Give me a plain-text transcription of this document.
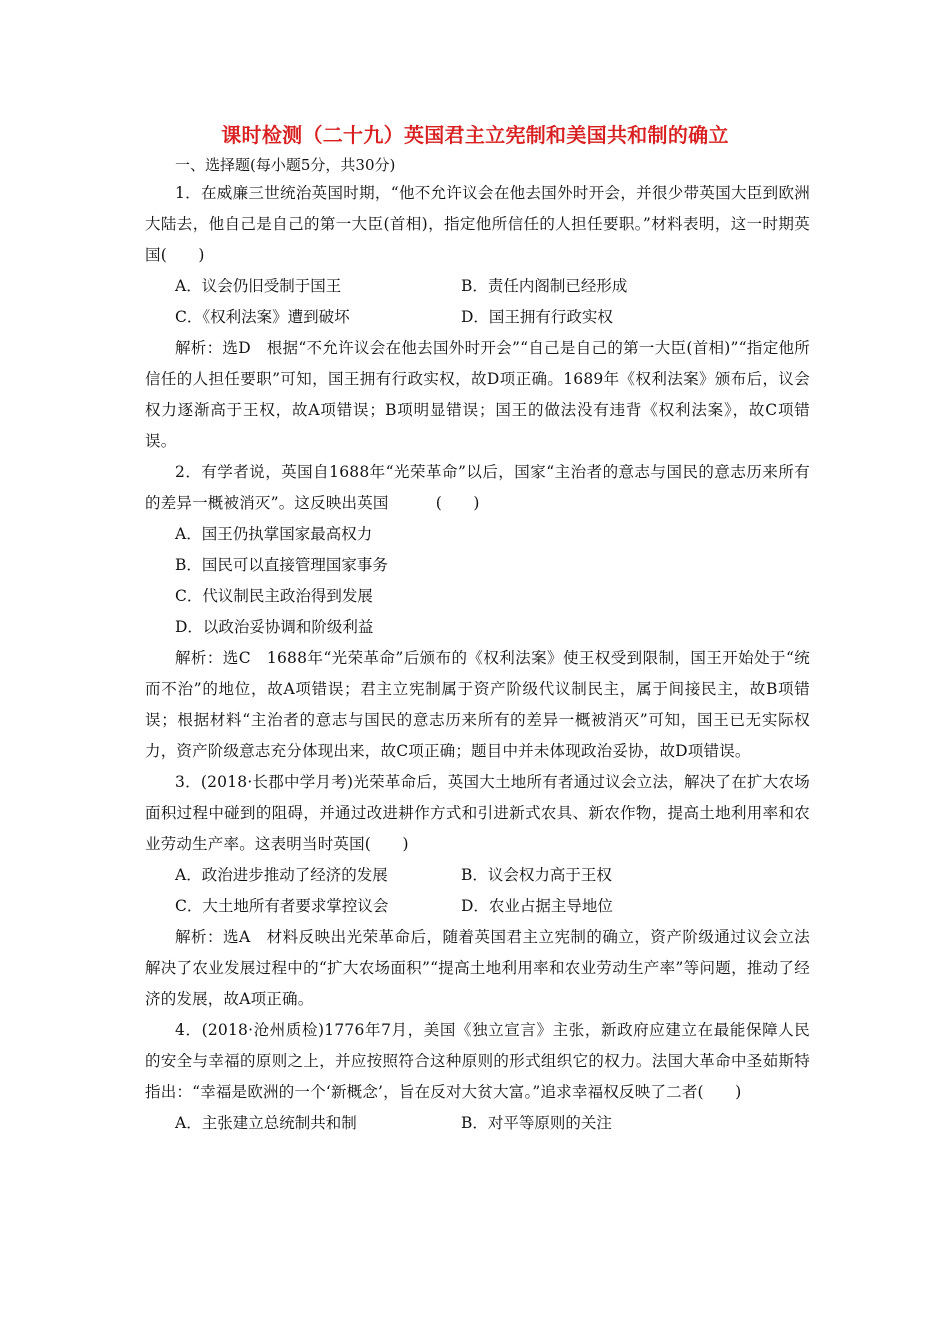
课时检测（二十九）英国君主立宪制和美国共和制的确立

一、选择题(每小题5分，共30分)

1．在威廉三世统治英国时期，“他不允许议会在他去国外时开会，并很少带英国大臣到欧洲大陆去，他自己是自己的第一大臣(首相)，指定他所信任的人担任要职。”材料表明，这一时期英国(　　)

A．议会仍旧受制于国王	B．责任内阁制已经形成
C．《权利法案》遭到破坏	D．国王拥有行政实权

解析：选D　根据“不允许议会在他去国外时开会”“自己是自己的第一大臣(首相)”“指定他所信任的人担任要职”可知，国王拥有行政实权，故D项正确。1689年《权利法案》颁布后，议会权力逐渐高于王权，故A项错误；B项明显错误；国王的做法没有违背《权利法案》，故C项错误。

2．有学者说，英国自1688年“光荣革命”以后，国家“主治者的意志与国民的意志历来所有的差异一概被消灭”。这反映出英国　　　(　　)

A．国王仍执掌国家最高权力
B．国民可以直接管理国家事务
C．代议制民主政治得到发展
D．以政治妥协调和阶级利益

解析：选C　1688年“光荣革命”后颁布的《权利法案》使王权受到限制，国王开始处于“统而不治”的地位，故A项错误；君主立宪制属于资产阶级代议制民主，属于间接民主，故B项错误；根据材料“主治者的意志与国民的意志历来所有的差异一概被消灭”可知，国王已无实际权力，资产阶级意志充分体现出来，故C项正确；题目中并未体现政治妥协，故D项错误。

3．(2018·长郡中学月考)光荣革命后，英国大土地所有者通过议会立法，解决了在扩大农场面积过程中碰到的阻碍，并通过改进耕作方式和引进新式农具、新农作物，提高土地利用率和农业劳动生产率。这表明当时英国(　　)

A．政治进步推动了经济的发展	B．议会权力高于王权
C．大土地所有者要求掌控议会	D．农业占据主导地位

解析：选A　材料反映出光荣革命后，随着英国君主立宪制的确立，资产阶级通过议会立法解决了农业发展过程中的“扩大农场面积”“提高土地利用率和农业劳动生产率”等问题，推动了经济的发展，故A项正确。

4．(2018·沧州质检)1776年7月，美国《独立宣言》主张，新政府应建立在最能保障人民的安全与幸福的原则之上，并应按照符合这种原则的形式组织它的权力。法国大革命中圣茹斯特指出：“幸福是欧洲的一个‘新概念’，旨在反对大贫大富。”追求幸福权反映了二者(　　)

A．主张建立总统制共和制	B．对平等原则的关注
